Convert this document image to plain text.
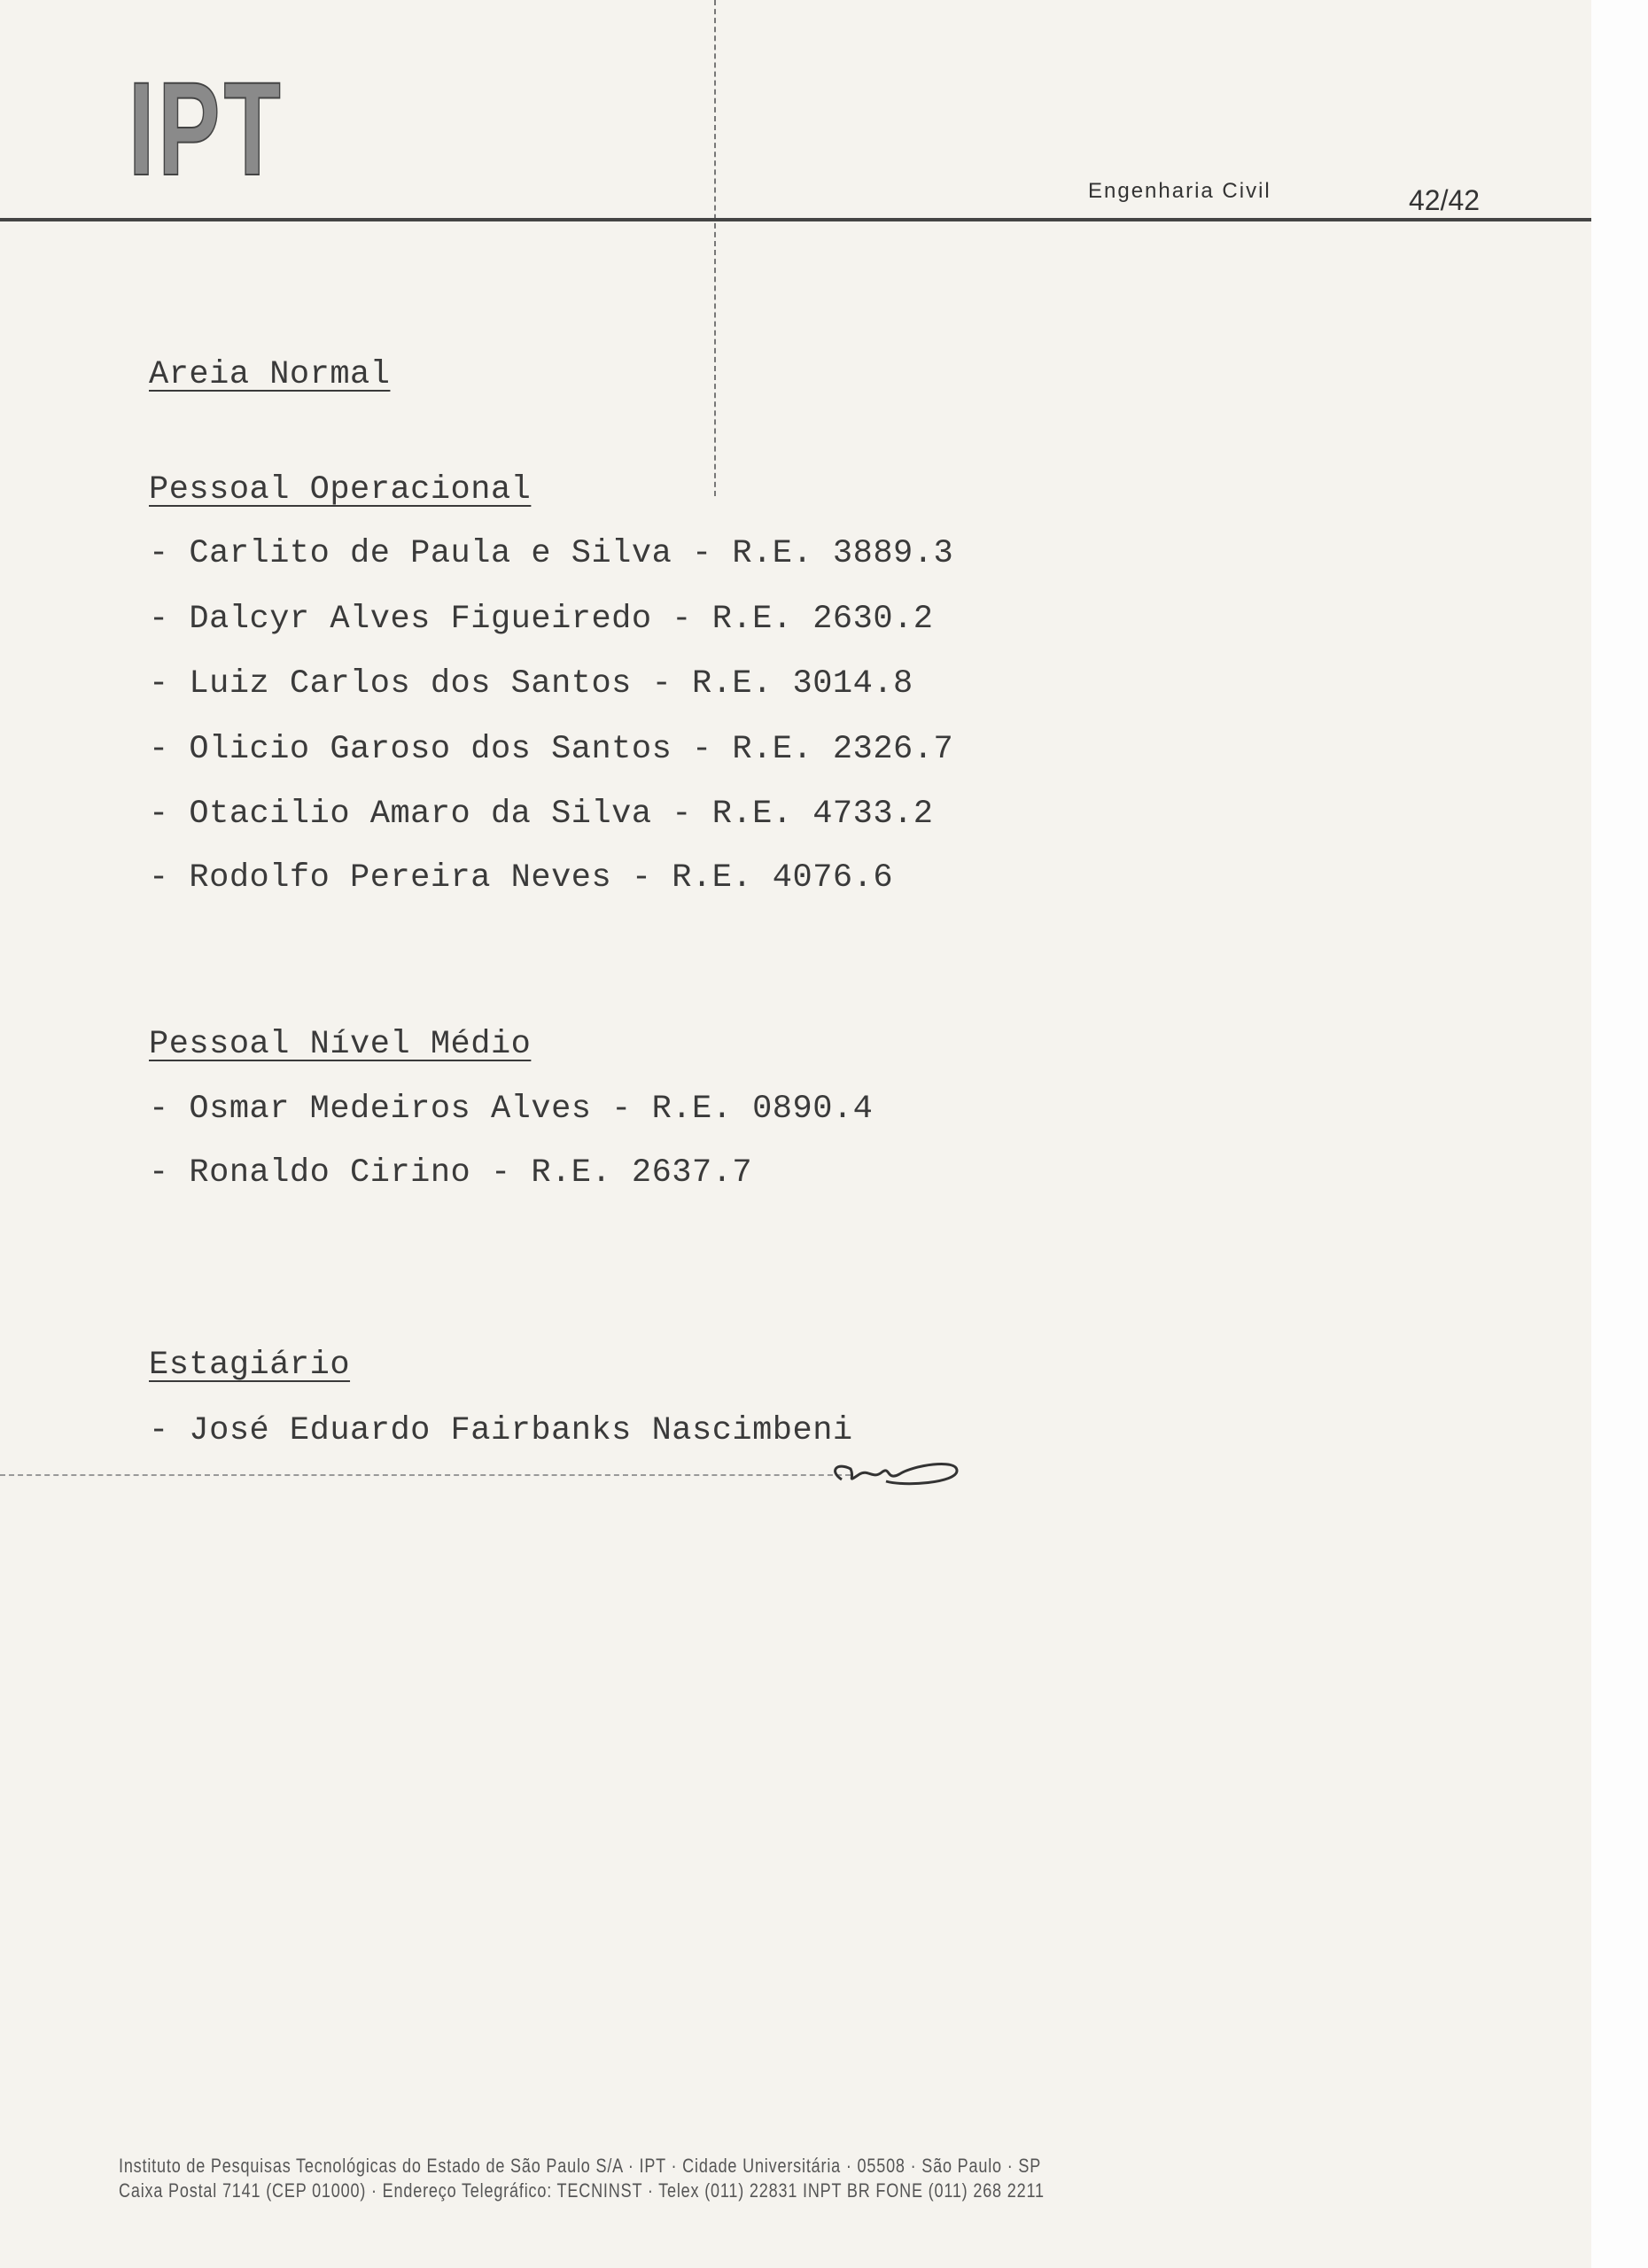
IPT	Engenharia Civil	42/42
Areia Normal
Pessoal Operacional
- Carlito de Paula e Silva - R.E. 3889.3
- Dalcyr Alves Figueiredo - R.E. 2630.2
- Luiz Carlos dos Santos - R.E. 3014.8
- Olicio Garoso dos Santos - R.E. 2326.7
- Otacilio Amaro da Silva - R.E. 4733.2
- Rodolfo Pereira Neves - R.E. 4076.6
Pessoal Nível Médio
- Osmar Medeiros Alves - R.E. 0890.4
- Ronaldo Cirino - R.E. 2637.7
Estagiário
- José Eduardo Fairbanks Nascimbeni
Instituto de Pesquisas Tecnológicas do Estado de São Paulo S/A · IPT · Cidade Universitária · 05508 · São Paulo · SP
Caixa Postal 7141 (CEP 01000) · Endereço Telegráfico: TECNINST · Telex (011) 22831 INPT BR FONE (011) 268 2211
